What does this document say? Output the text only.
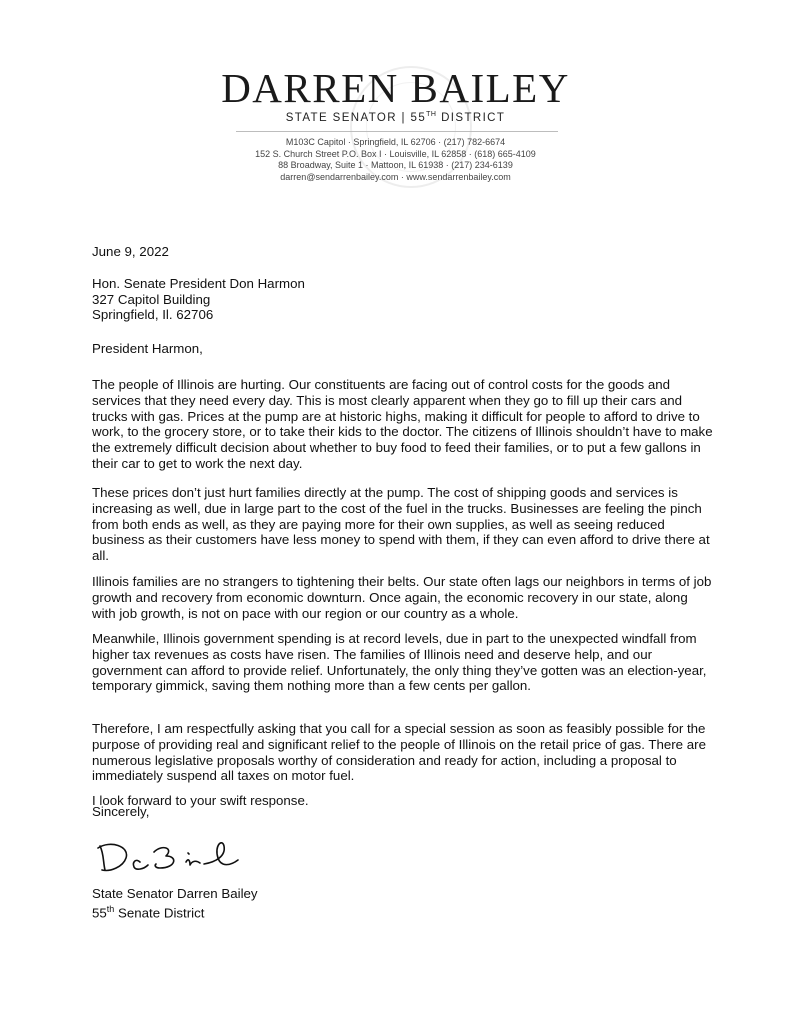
DARREN BAILEY
STATE SENATOR | 55TH DISTRICT
M103C Capitol · Springfield, IL 62706 · (217) 782-6674
152 S. Church Street P.O. Box I · Louisville, IL 62858 · (618) 665-4109
88 Broadway, Suite 1 · Mattoon, IL 61938 · (217) 234-6139
darren@sendarrenbailey.com · www.sendarrenbailey.com
June 9, 2022
Hon. Senate President Don Harmon
327 Capitol Building
Springfield, Il. 62706
President Harmon,

The people of Illinois are hurting. Our constituents are facing out of control costs for the goods and services that they need every day. This is most clearly apparent when they go to fill up their cars and trucks with gas. Prices at the pump are at historic highs, making it difficult for people to afford to drive to work, to the grocery store, or to take their kids to the doctor. The citizens of Illinois shouldn’t have to make the extremely difficult decision about whether to buy food to feed their families, or to put a few gallons in their car to get to work the next day.

These prices don’t just hurt families directly at the pump. The cost of shipping goods and services is increasing as well, due in large part to the cost of the fuel in the trucks. Businesses are feeling the pinch from both ends as well, as they are paying more for their own supplies, as well as seeing reduced business as their customers have less money to spend with them, if they can even afford to drive there at all.

Illinois families are no strangers to tightening their belts. Our state often lags our neighbors in terms of job growth and recovery from economic downturn. Once again, the economic recovery in our state, along with job growth, is not on pace with our region or our country as a whole.

Meanwhile, Illinois government spending is at record levels, due in part to the unexpected windfall from higher tax revenues as costs have risen. The families of Illinois need and deserve help, and our government can afford to provide relief. Unfortunately, the only thing they’ve gotten was an election-year, temporary gimmick, saving them nothing more than a few cents per gallon.

Therefore, I am respectfully asking that you call for a special session as soon as feasibly possible for the purpose of providing real and significant relief to the people of Illinois on the retail price of gas. There are numerous legislative proposals worthy of consideration and ready for action, including a proposal to immediately suspend all taxes on motor fuel.

I look forward to your swift response.

Sincerely,
State Senator Darren Bailey
55th Senate District
